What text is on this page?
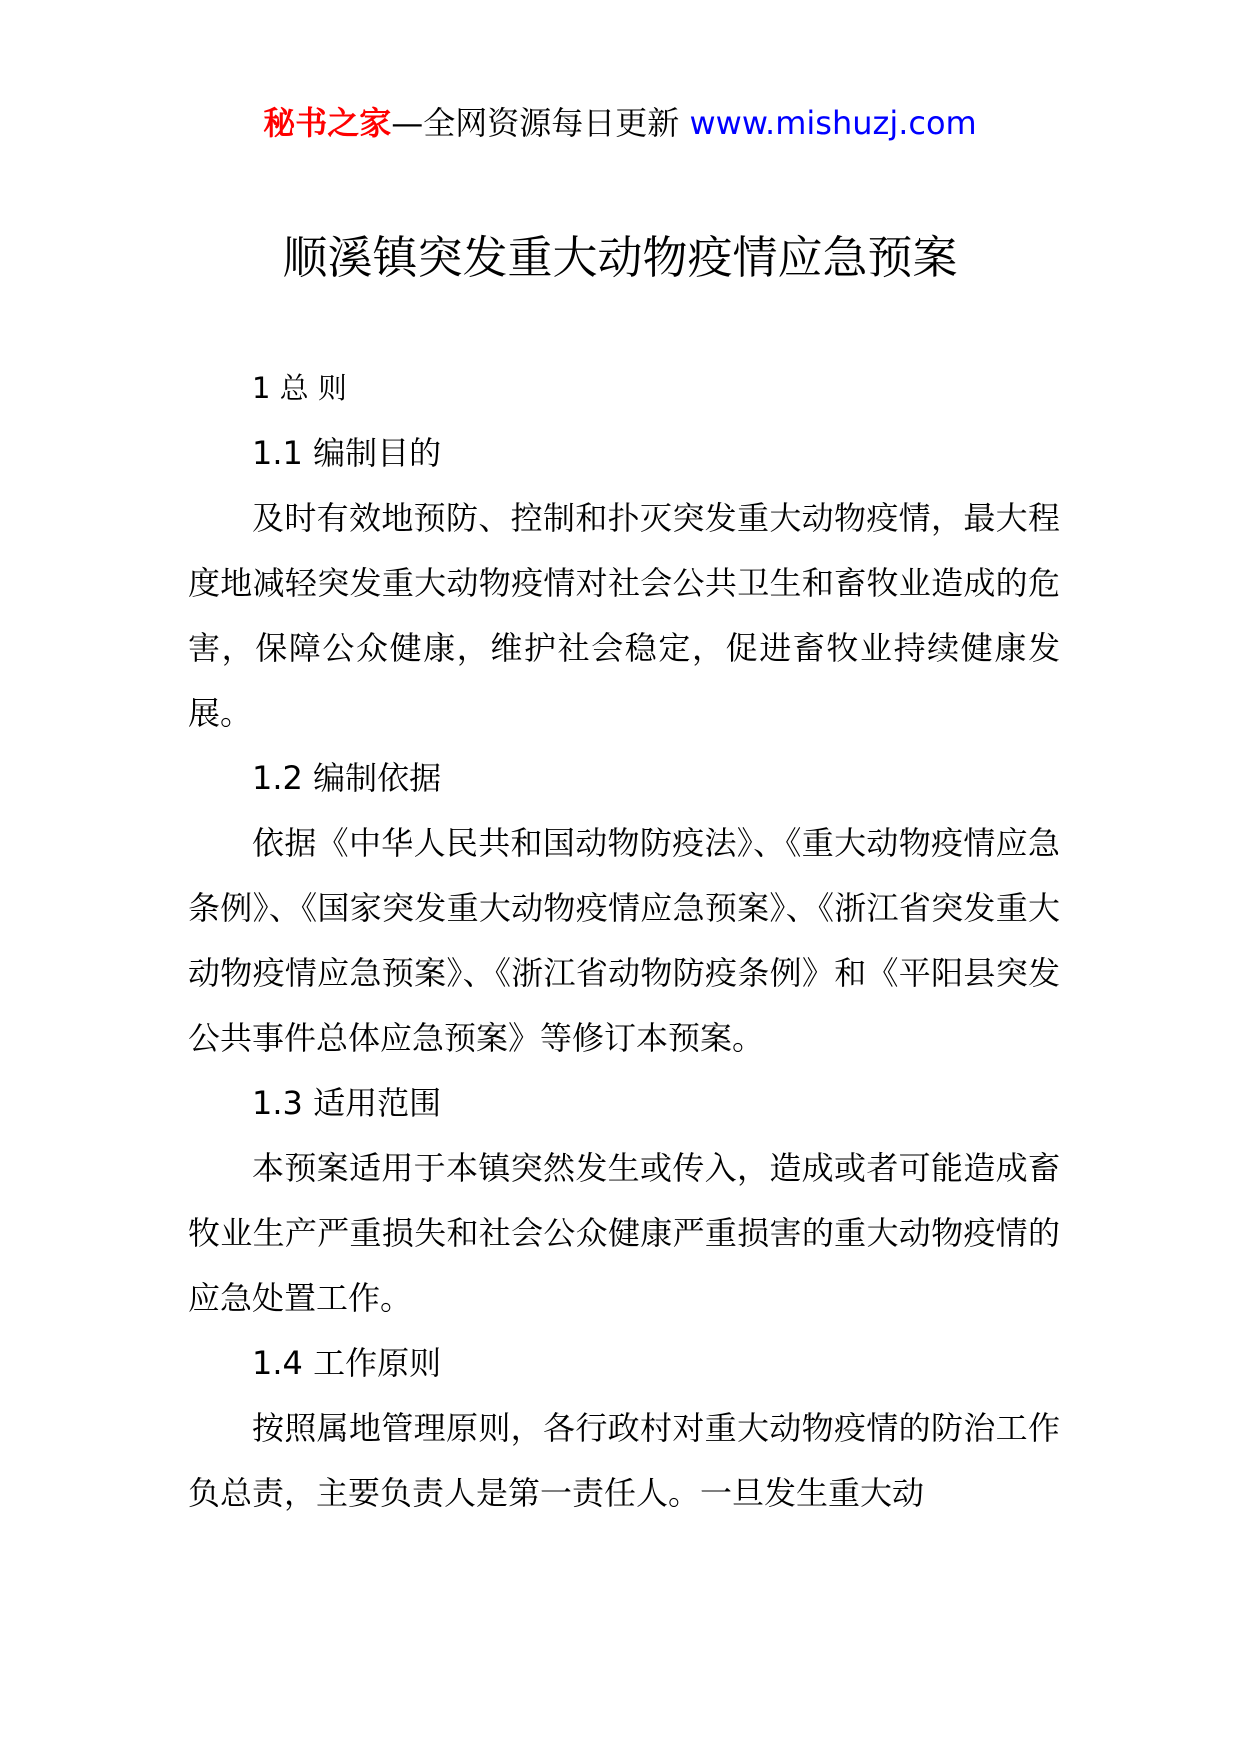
秘书之家—全网资源每日更新 www.mishuzj.com
顺溪镇突发重大动物疫情应急预案

1 总 则

1.1 编制目的

及时有效地预防、控制和扑灭突发重大动物疫情，最大程度地减轻突发重大动物疫情对社会公共卫生和畜牧业造成的危害，保障公众健康，维护社会稳定，促进畜牧业持续健康发展。

1.2 编制依据

依据《中华人民共和国动物防疫法》、《重大动物疫情应急条例》、《国家突发重大动物疫情应急预案》、《浙江省突发重大动物疫情应急预案》、《浙江省动物防疫条例》和《平阳县突发公共事件总体应急预案》等修订本预案。

1.3 适用范围

本预案适用于本镇突然发生或传入，造成或者可能造成畜牧业生产严重损失和社会公众健康严重损害的重大动物疫情的应急处置工作。

1.4 工作原则

按照属地管理原则，各行政村对重大动物疫情的防治工作负总责，主要负责人是第一责任人。一旦发生重大动
